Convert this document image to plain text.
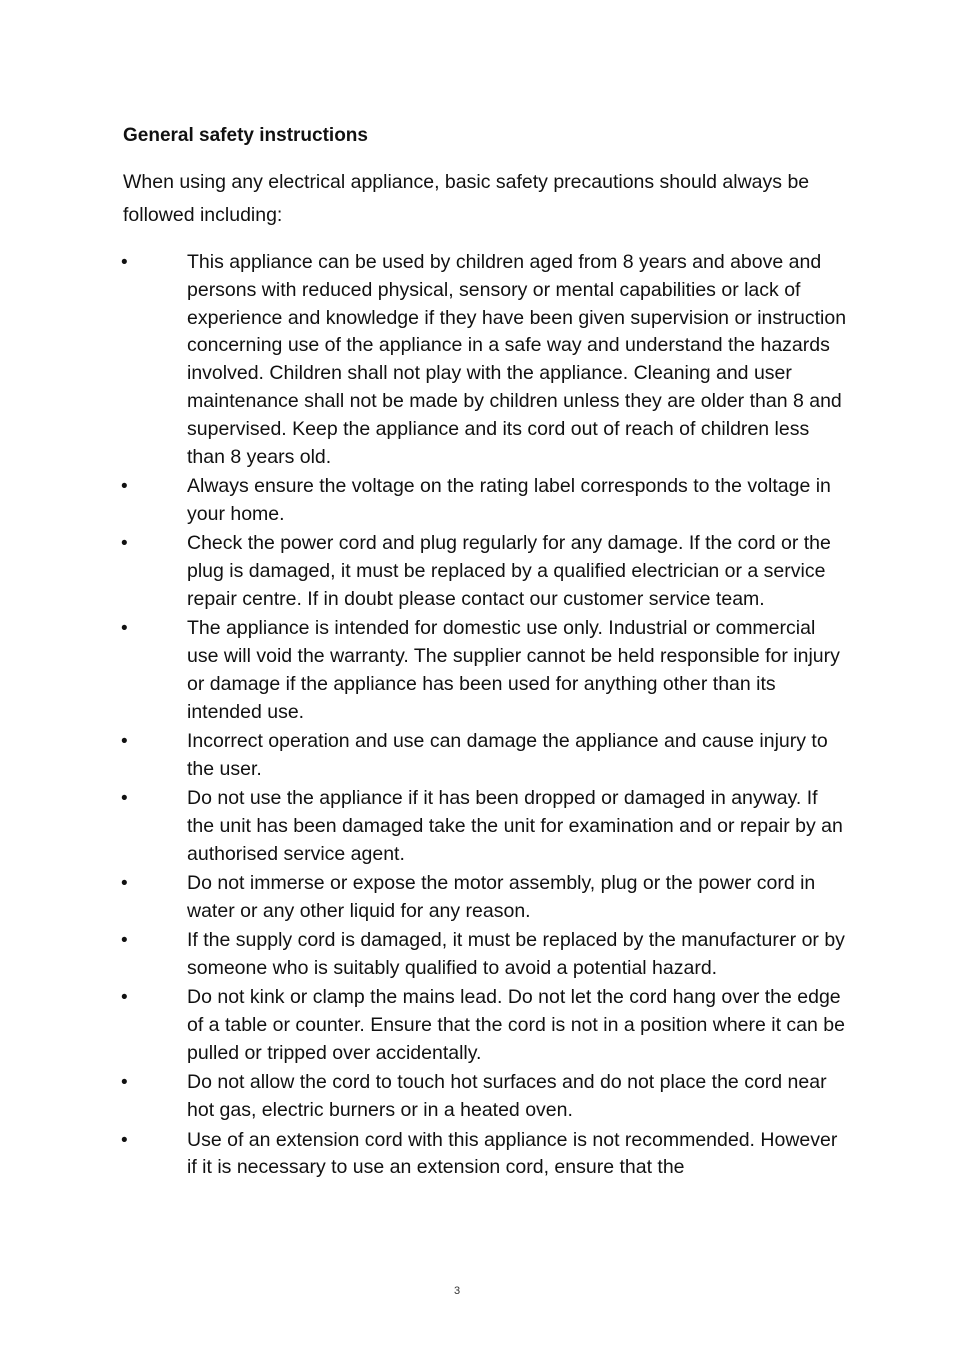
General safety instructions

When using any electrical appliance, basic safety precautions should always be followed including:

•	This appliance can be used by children aged from 8 years and above and persons with reduced physical, sensory or mental capabilities or lack of experience and knowledge if they have been given supervision or instruction concerning use of the appliance in a safe way and understand the hazards involved. Children shall not play with the appliance. Cleaning and user maintenance shall not be made by children unless they are older than 8 and supervised. Keep the appliance and its cord out of reach of children less than 8 years old.
•	Always ensure the voltage on the rating label corresponds to the voltage in your home.
•	Check the power cord and plug regularly for any damage. If the cord or the plug is damaged, it must be replaced by a qualified electrician or a service repair centre. If in doubt please contact our customer service team.
•	The appliance is intended for domestic use only. Industrial or commercial use will void the warranty. The supplier cannot be held responsible for injury or damage if the appliance has been used for anything other than its intended use.
•	Incorrect operation and use can damage the appliance and cause injury to the user.
•	Do not use the appliance if it has been dropped or damaged in anyway. If the unit has been damaged take the unit for examination and or repair by an authorised service agent.
•	Do not immerse or expose the motor assembly, plug or the power cord in water or any other liquid for any reason.
•	If the supply cord is damaged, it must be replaced by the manufacturer or by someone who is suitably qualified to avoid a potential hazard.
•	Do not kink or clamp the mains lead. Do not let the cord hang over the edge of a table or counter. Ensure that the cord is not in a position where it can be pulled or tripped over accidentally.
•	Do not allow the cord to touch hot surfaces and do not place the cord near hot gas, electric burners or in a heated oven.
•	Use of an extension cord with this appliance is not recommended. However if it is necessary to use an extension cord, ensure that the
3
